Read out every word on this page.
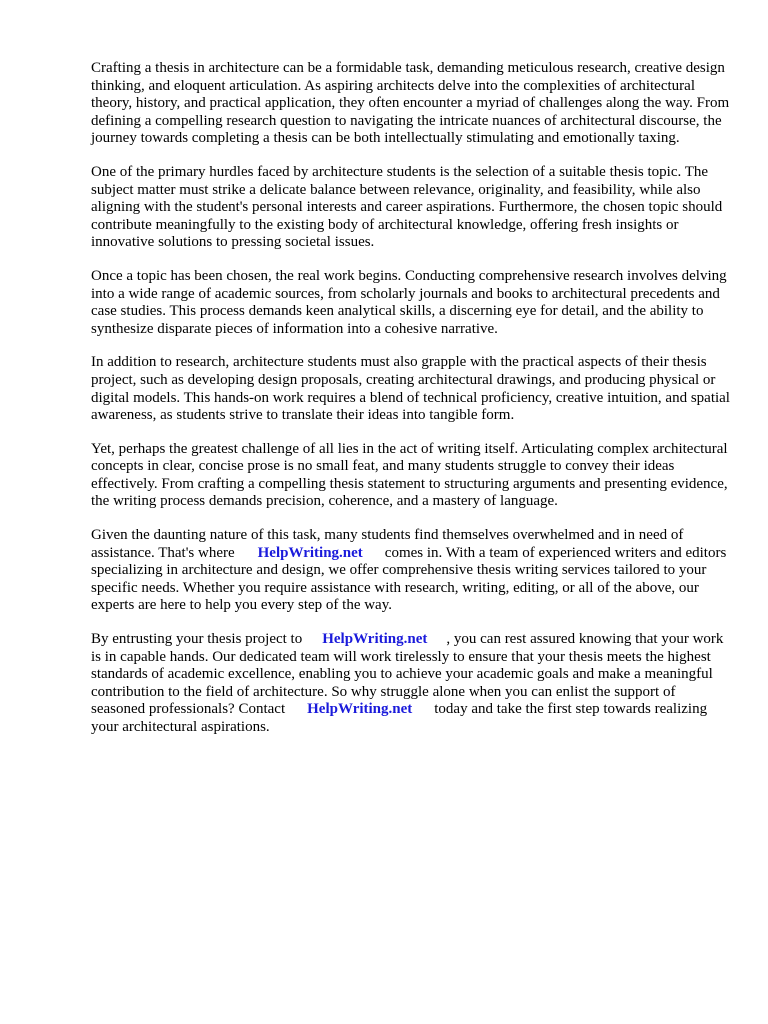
Crafting a thesis in architecture can be a formidable task, demanding meticulous research, creative design thinking, and eloquent articulation. As aspiring architects delve into the complexities of architectural theory, history, and practical application, they often encounter a myriad of challenges along the way. From defining a compelling research question to navigating the intricate nuances of architectural discourse, the journey towards completing a thesis can be both intellectually stimulating and emotionally taxing.

One of the primary hurdles faced by architecture students is the selection of a suitable thesis topic. The subject matter must strike a delicate balance between relevance, originality, and feasibility, while also aligning with the student's personal interests and career aspirations. Furthermore, the chosen topic should contribute meaningfully to the existing body of architectural knowledge, offering fresh insights or innovative solutions to pressing societal issues.

Once a topic has been chosen, the real work begins. Conducting comprehensive research involves delving into a wide range of academic sources, from scholarly journals and books to architectural precedents and case studies. This process demands keen analytical skills, a discerning eye for detail, and the ability to synthesize disparate pieces of information into a cohesive narrative.

In addition to research, architecture students must also grapple with the practical aspects of their thesis project, such as developing design proposals, creating architectural drawings, and producing physical or digital models. This hands-on work requires a blend of technical proficiency, creative intuition, and spatial awareness, as students strive to translate their ideas into tangible form.

Yet, perhaps the greatest challenge of all lies in the act of writing itself. Articulating complex architectural concepts in clear, concise prose is no small feat, and many students struggle to convey their ideas effectively. From crafting a compelling thesis statement to structuring arguments and presenting evidence, the writing process demands precision, coherence, and a mastery of language.

Given the daunting nature of this task, many students find themselves overwhelmed and in need of assistance. That's where HelpWriting.net comes in. With a team of experienced writers and editors specializing in architecture and design, we offer comprehensive thesis writing services tailored to your specific needs. Whether you require assistance with research, writing, editing, or all of the above, our experts are here to help you every step of the way.

By entrusting your thesis project to HelpWriting.net , you can rest assured knowing that your work is in capable hands. Our dedicated team will work tirelessly to ensure that your thesis meets the highest standards of academic excellence, enabling you to achieve your academic goals and make a meaningful contribution to the field of architecture. So why struggle alone when you can enlist the support of seasoned professionals? Contact HelpWriting.net today and take the first step towards realizing your architectural aspirations.
